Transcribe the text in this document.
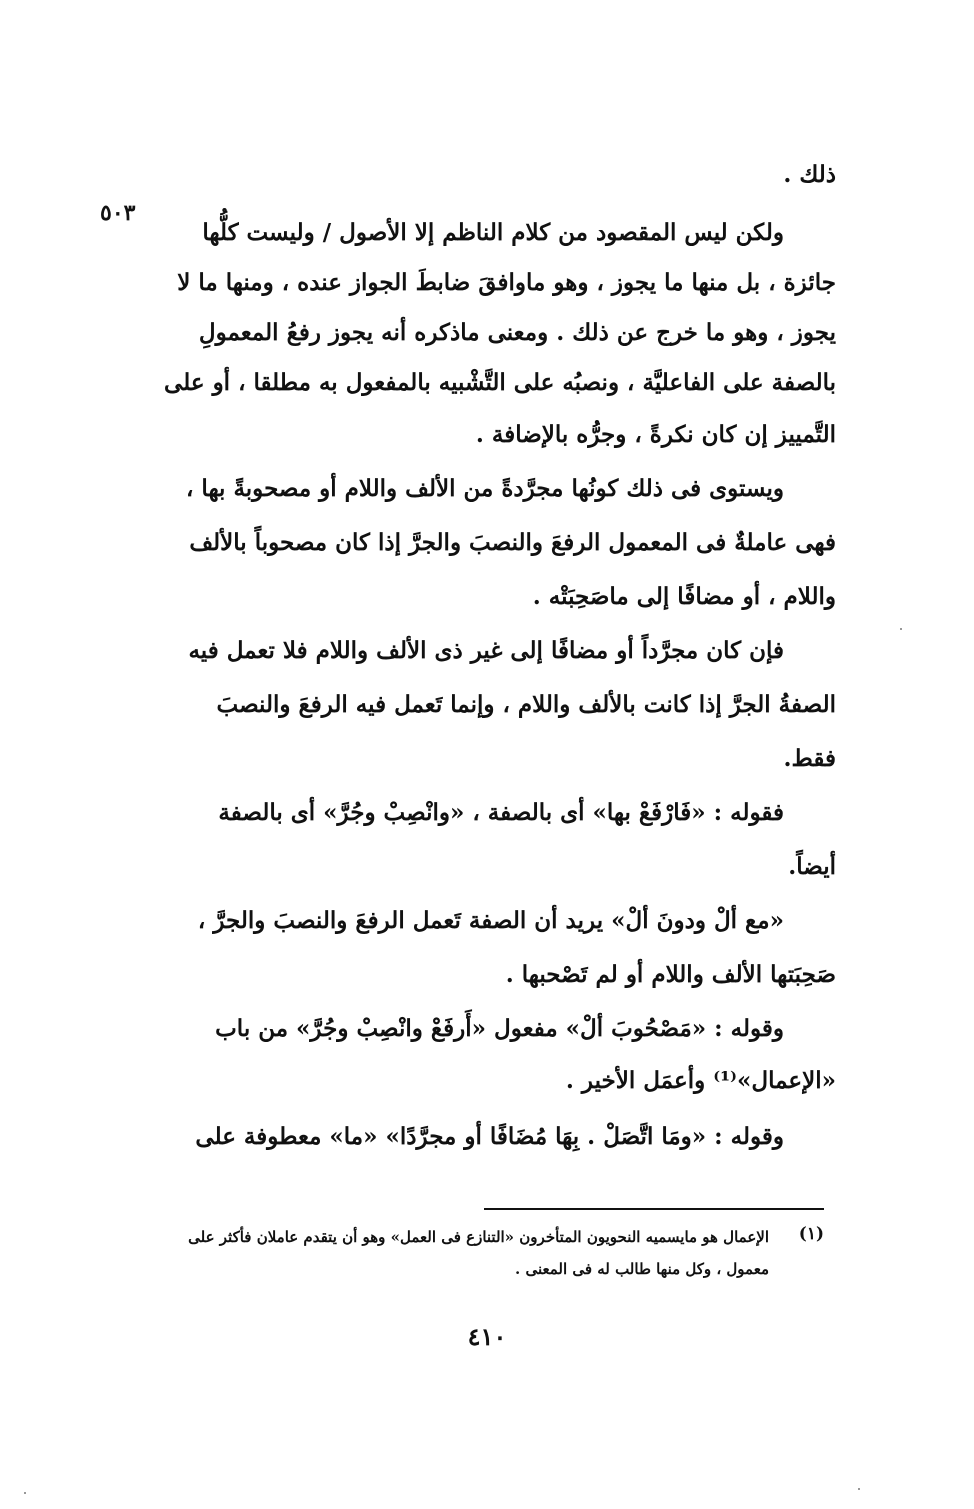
٥٠٣
ذلك .
ولكن ليس المقصود من كلام الناظم إلا الأصول / وليست كلُّها
جائزة ، بل منها ما يجوز ، وهو ماوافقَ ضابطَ الجواز عنده ، ومنها ما لا
يجوز ، وهو ما خرج عن ذلك . ومعنى ماذكره أنه يجوز رفعُ المعمولِ
بالصفة على الفاعليَّة ، ونصبُه على التَّشْبيه بالمفعول به مطلقا ، أو على
التَّمييز إن كان نكرةً ، وجرُّه بالإضافة .
ويستوى فى ذلك كونُها مجرَّدةً من الألف واللام أو مصحوبةً بها ،
فهى عاملةٌ فى المعمول الرفعَ والنصبَ والجرَّ إذا كان مصحوباً بالألف
واللام ، أو مضافًا إلى ماصَحِبَتْه .
فإن كان مجرَّداً أو مضافًا إلى غير ذى الألف واللام فلا تعمل فيه
الصفةُ الجرَّ إذا كانت بالألف واللام ، وإنما تَعمل فيه الرفعَ والنصبَ
فقط.
فقوله : «فَارْفَعْ بها» أى بالصفة ، «وانْصِبْ وجُرَّ» أى بالصفة
أيضاً.
«مع ألْ ودونَ ألْ» يريد أن الصفة تَعمل الرفعَ والنصبَ والجرَّ ،
صَحِبَتها الألف واللام أو لم تَصْحبها .
وقوله : «مَصْحُوبَ ألْ» مفعول «أَرفَعْ وانْصِبْ وجُرَّ» من باب
«الإعمال»⁽¹⁾ وأعمَل الأخير .
وقوله : «ومَا اتَّصَلْ . بِهَا مُضَافًا أو مجرَّدًا» «ما» معطوفة على
(١)
الإعمال هو مايسميه النحويون المتأخرون «التنازع فى العمل» وهو أن يتقدم عاملان فأكثر على
معمول ، وكل منها طالب له فى المعنى .
٤١٠
